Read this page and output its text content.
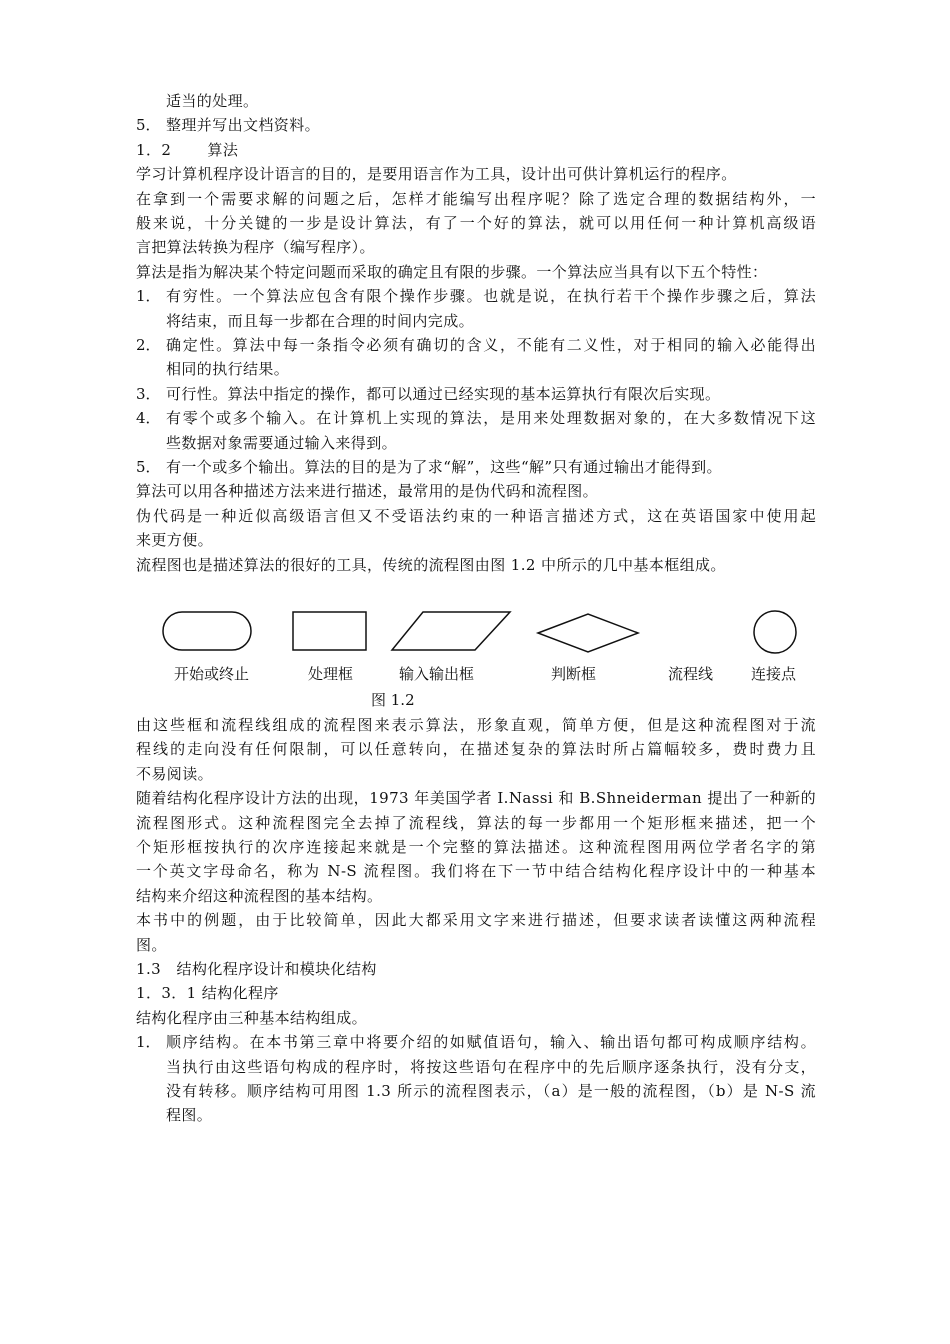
适当的处理。
5． 整理并写出文档资料。
1．2       算法
学习计算机程序设计语言的目的，是要用语言作为工具，设计出可供计算机运行的程序。
在拿到一个需要求解的问题之后，怎样才能编写出程序呢？除了选定合理的数据结构外，一
般来说，十分关键的一步是设计算法，有了一个好的算法，就可以用任何一种计算机高级语
言把算法转换为程序（编写程序）。
算法是指为解决某个特定问题而采取的确定且有限的步骤。一个算法应当具有以下五个特性：
1． 有穷性。一个算法应包含有限个操作步骤。也就是说，在执行若干个操作步骤之后，算法
将结束，而且每一步都在合理的时间内完成。
2． 确定性。算法中每一条指令必须有确切的含义，不能有二义性，对于相同的输入必能得出
相同的执行结果。
3． 可行性。算法中指定的操作，都可以通过已经实现的基本运算执行有限次后实现。
4． 有零个或多个输入。在计算机上实现的算法，是用来处理数据对象的，在大多数情况下这
些数据对象需要通过输入来得到。
5． 有一个或多个输出。算法的目的是为了求“解”，这些“解”只有通过输出才能得到。
算法可以用各种描述方法来进行描述，最常用的是伪代码和流程图。
伪代码是一种近似高级语言但又不受语法约束的一种语言描述方式，这在英语国家中使用起
来更方便。
流程图也是描述算法的很好的工具，传统的流程图由图 1.2 中所示的几中基本框组成。
开始或终止	处理框	输入输出框	判断框	流程线	连接点
图 1.2
由这些框和流程线组成的流程图来表示算法，形象直观，简单方便，但是这种流程图对于流
程线的走向没有任何限制，可以任意转向，在描述复杂的算法时所占篇幅较多，费时费力且
不易阅读。
随着结构化程序设计方法的出现，1973 年美国学者 I.Nassi 和 B.Shneiderman 提出了一种新的
流程图形式。这种流程图完全去掉了流程线，算法的每一步都用一个矩形框来描述，把一个
个矩形框按执行的次序连接起来就是一个完整的算法描述。这种流程图用两位学者名字的第
一个英文字母命名，称为 N-S 流程图。我们将在下一节中结合结构化程序设计中的一种基本
结构来介绍这种流程图的基本结构。
本书中的例题，由于比较简单，因此大都采用文字来进行描述，但要求读者读懂这两种流程
图。
1.3   结构化程序设计和模块化结构
1．3．1 结构化程序
结构化程序由三种基本结构组成。
1． 顺序结构。在本书第三章中将要介绍的如赋值语句，输入、输出语句都可构成顺序结构。
当执行由这些语句构成的程序时，将按这些语句在程序中的先后顺序逐条执行，没有分支，
没有转移。顺序结构可用图 1.3 所示的流程图表示，（a）是一般的流程图，（b）是 N-S 流
程图。
